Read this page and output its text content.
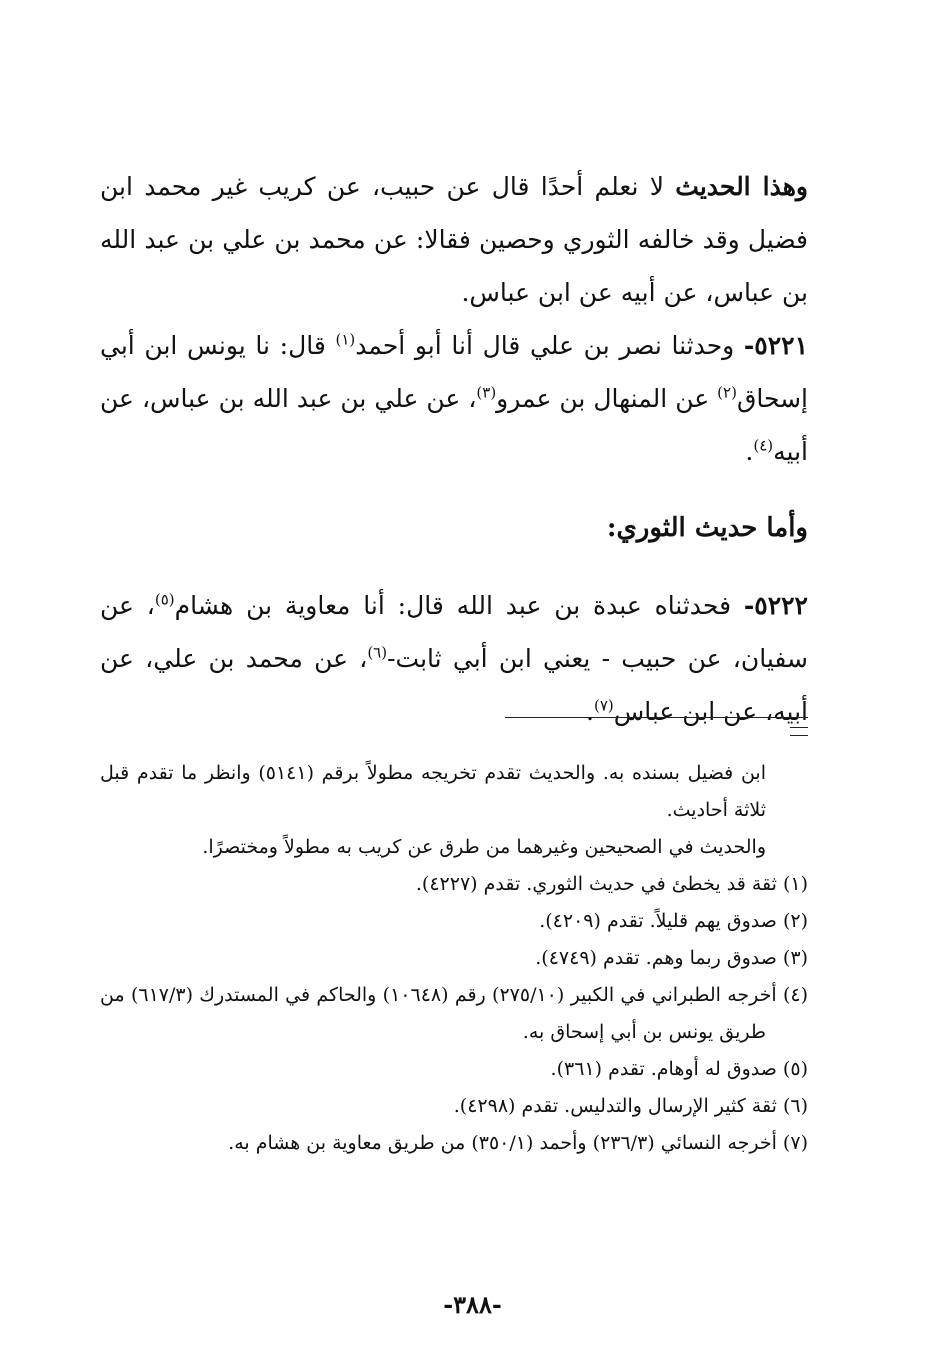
وهذا الحديث لا نعلم أحدًا قال عن حبيب، عن كريب غير محمد ابن فضيل وقد خالفه الثوري وحصين فقالا: عن محمد بن علي بن عبد الله بن عباس، عن أبيه عن ابن عباس.

٥٢٢١- وحدثنا نصر بن علي قال أنا أبو أحمد$^{(١)}$ قال: نا يونس ابن أبي إسحاق$^{(٢)}$ عن المنهال بن عمرو$^{(٣)}$، عن علي بن عبد الله بن عباس، عن أبيه$^{(٤)}$.

وأما حديث الثوري:

٥٢٢٢- فحدثناه عبدة بن عبد الله قال: أنا معاوية بن هشام$^{(٥)}$، عن سفيان، عن حبيب - يعني ابن أبي ثابت-$^{(٦)}$، عن محمد بن علي، عن أبيه، عن ابن عباس$^{(٧)}$.

ابن فضيل بسنده به. والحديث تقدم تخريجه مطولاً برقم (٥١٤١) وانظر ما تقدم قبل ثلاثة أحاديث.

والحديث في الصحيحين وغيرهما من طرق عن كريب به مطولاً ومختصرًا.

(١) ثقة قد يخطئ في حديث الثوري. تقدم (٤٢٢٧).

(٢) صدوق يهم قليلاً. تقدم (٤٢٠٩).

(٣) صدوق ربما وهم. تقدم (٤٧٤٩).

(٤) أخرجه الطبراني في الكبير (٢٧٥/١٠) رقم (١٠٦٤٨) والحاكم في المستدرك (٦١٧/٣) من طريق يونس بن أبي إسحاق به.

(٥) صدوق له أوهام. تقدم (٣٦١).

(٦) ثقة كثير الإرسال والتدليس. تقدم (٤٢٩٨).

(٧) أخرجه النسائي (٢٣٦/٣) وأحمد (٣٥٠/١) من طريق معاوية بن هشام به.

-٣٨٨-
